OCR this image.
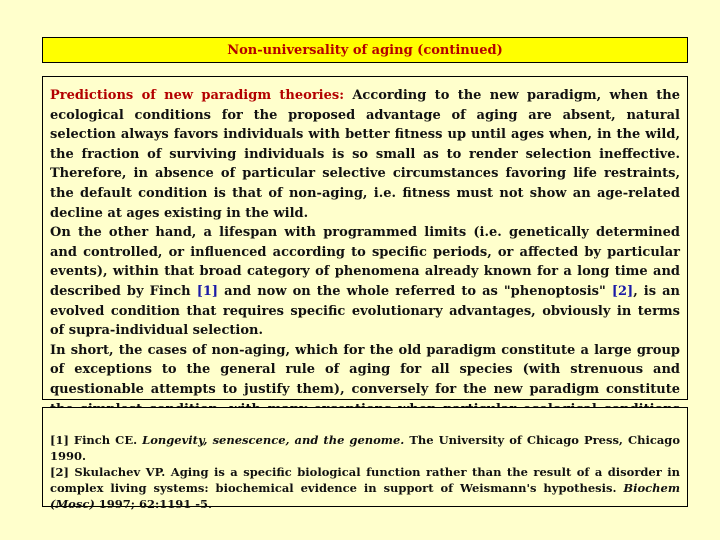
Non-universality of aging (continued)

Predictions of new paradigm theories: According to the new paradigm, when the ecological conditions for the proposed advantage of aging are absent, natural selection always favors individuals with better fitness up until ages when, in the wild, the fraction of surviving individuals is so small as to render selection ineffective. Therefore, in absence of particular selective circumstances favoring life restraints, the default condition is that of non-aging, i.e. fitness must not show an age-related decline at ages existing in the wild.

On the other hand, a lifespan with programmed limits (i.e. genetically determined and controlled, or influenced according to specific periods, or affected by particular events), within that broad category of phenomena already known for a long time and described by Finch [1] and now on the whole referred to as "phenoptosis" [2], is an evolved condition that requires specific evolutionary advantages, obviously in terms of supra-individual selection.

In short, the cases of non-aging, which for the old paradigm constitute a large group of exceptions to the general rule of aging for all species (with strenuous and questionable attempts to justify them), conversely for the new paradigm constitute

[1] Finch CE. Longevity, senescence, and the genome. The University of Chicago Press, Chicago 1990.

[2] Skulachev VP. Aging is a specific biological function rather than the result of a disorder in complex living systems: biochemical evidence in support of Weismann's hypothesis. Biochem (Mosc) 1997; 62:1191 -5.
